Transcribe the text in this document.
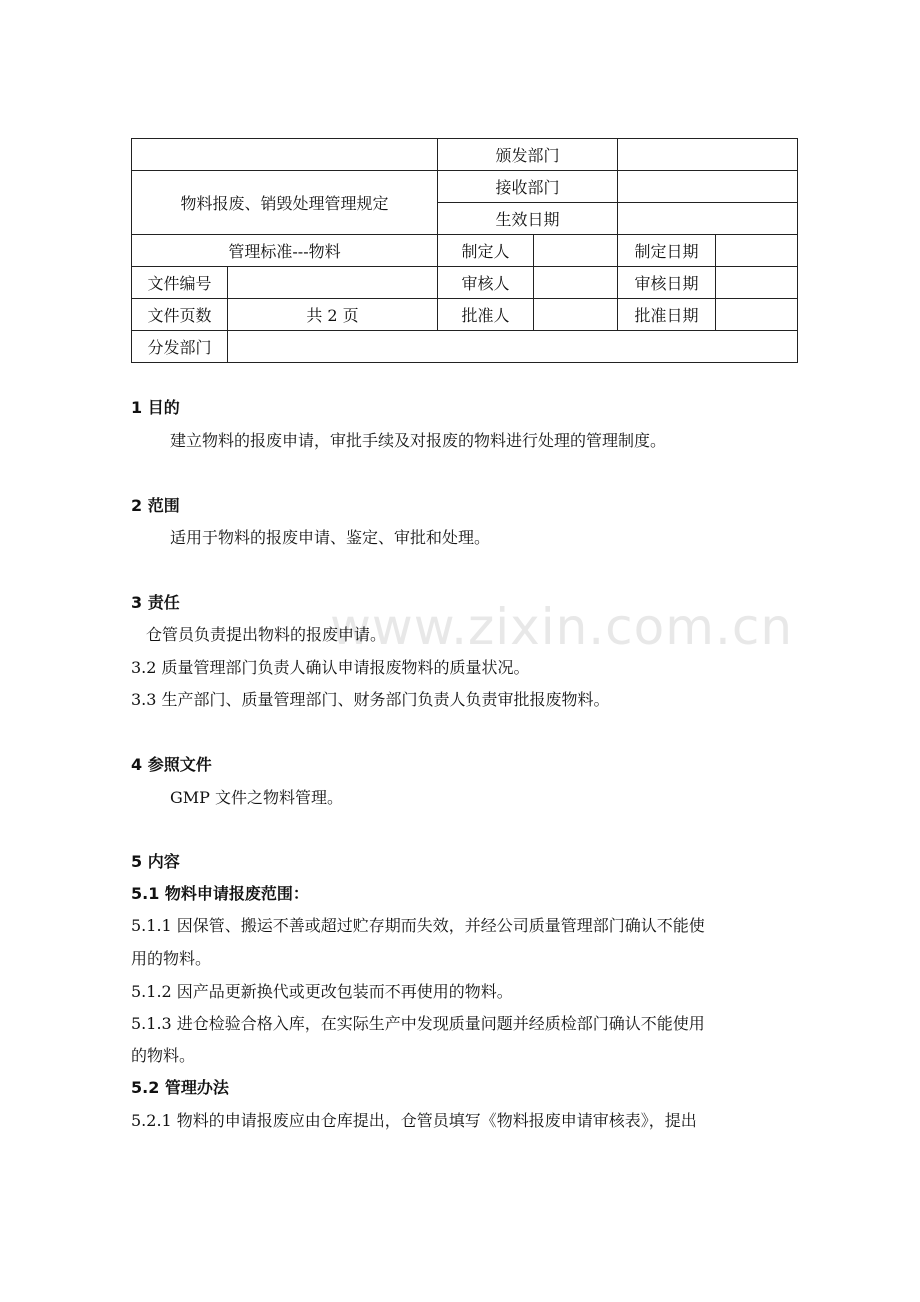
		颁发部门			
物料报废、销毁处理管理规定		接收部门			
		生效日期			
管理标准---物料		制定人		制定日期	
文件编号		审核人		审核日期	
文件页数	共 2 页	批准人		批准日期	
分发部门					
www.zixin.com.cn
1 目的
建立物料的报废申请，审批手续及对报废的物料进行处理的管理制度。
2 范围
适用于物料的报废申请、鉴定、审批和处理。
3 责任
仓管员负责提出物料的报废申请。
3.2 质量管理部门负责人确认申请报废物料的质量状况。
3.3 生产部门、质量管理部门、财务部门负责人负责审批报废物料。
4 参照文件
GMP 文件之物料管理。
5 内容
5.1 物料申请报废范围：
5.1.1 因保管、搬运不善或超过贮存期而失效，并经公司质量管理部门确认不能使
用的物料。
5.1.2 因产品更新换代或更改包装而不再使用的物料。
5.1.3 进仓检验合格入库，在实际生产中发现质量问题并经质检部门确认不能使用
的物料。
5.2 管理办法
5.2.1 物料的申请报废应由仓库提出，仓管员填写《物料报废申请审核表》，提出
